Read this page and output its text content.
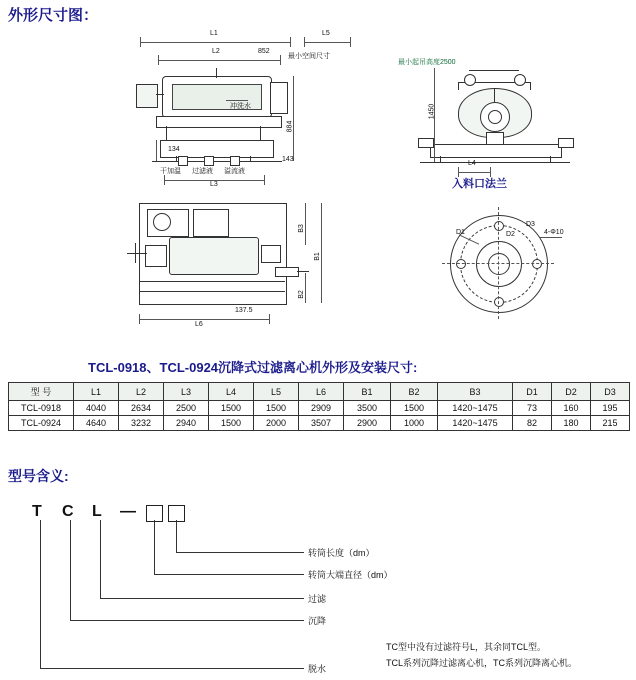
外形尺寸图：
L1
L2	852
冲洗水
干加温 过滤液 溢流液
L3
884
134
143
L5
最小空间尺寸
1450
L4
最小起吊高度2500
入料口法兰
B1
B3
B2
L6
137.5
D1	D2
D3
4-Φ10
TCL-0918、TCL-0924沉降式过滤离心机外形及安装尺寸:
型 号	L1	L2	L3	L4	L5	L6	B1	B2	B3	D1	D2	D3
TCL-0918	4040	2634	2500	1500	1500	2909	3500	1500	1420~1475	73	160	195
TCL-0924	4640	3232	2940	1500	2000	3507	2900	1000	1420~1475	82	180	215
型号含义:
T C L —
转筒长度（dm）
转筒大端直径（dm）
过滤
沉降
脱水
TC型中没有过滤符号L，其余同TCL型。
TCL系列沉降过滤离心机，TC系列沉降离心机。
